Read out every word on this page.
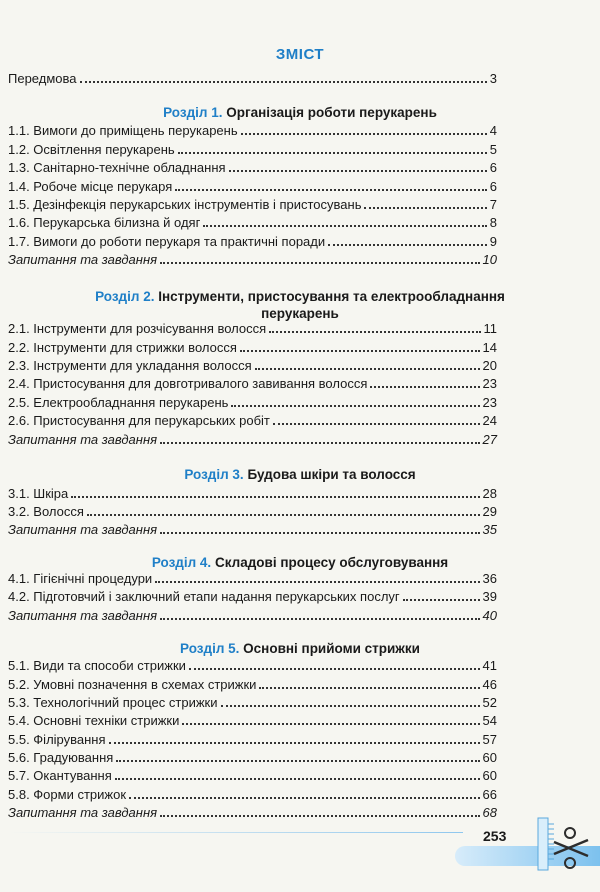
ЗМІСТ
Передмова	3
Розділ 1. Організація роботи перукарень
1.1. Вимоги до приміщень перукарень	4
1.2. Освітлення перукарень	5
1.3. Санітарно-технічне обладнання	6
1.4. Робоче місце перукаря	6
1.5. Дезінфекція перукарських інструментів і пристосувань	7
1.6. Перукарська білизна й одяг	8
1.7. Вимоги до роботи перукаря та практичні поради	9
Запитання та завдання	10
Розділ 2. Інструменти, пристосування та електрообладнання
перукарень
2.1. Інструменти для розчісування волосся	11
2.2. Інструменти для стрижки волосся	14
2.3. Інструменти для укладання волосся	20
2.4. Пристосування для довготривалого завивання волосся	23
2.5. Електрообладнання перукарень	23
2.6. Пристосування для перукарських робіт	24
Запитання та завдання	27
Розділ 3. Будова шкіри та волосся
3.1. Шкіра	28
3.2. Волосся	29
Запитання та завдання	35
Розділ 4. Складові процесу обслуговування
4.1. Гігієнічні процедури	36
4.2. Підготовчий і заключний етапи надання перукарських послуг	39
Запитання та завдання	40
Розділ 5. Основні прийоми стрижки
5.1. Види та способи стрижки	41
5.2. Умовні позначення в схемах стрижки	46
5.3. Технологічний процес стрижки	52
5.4. Основні техніки стрижки	54
5.5. Філірування	57
5.6. Градуювання	60
5.7. Окантування	60
5.8. Форми стрижок	66
Запитання та завдання	68
253
